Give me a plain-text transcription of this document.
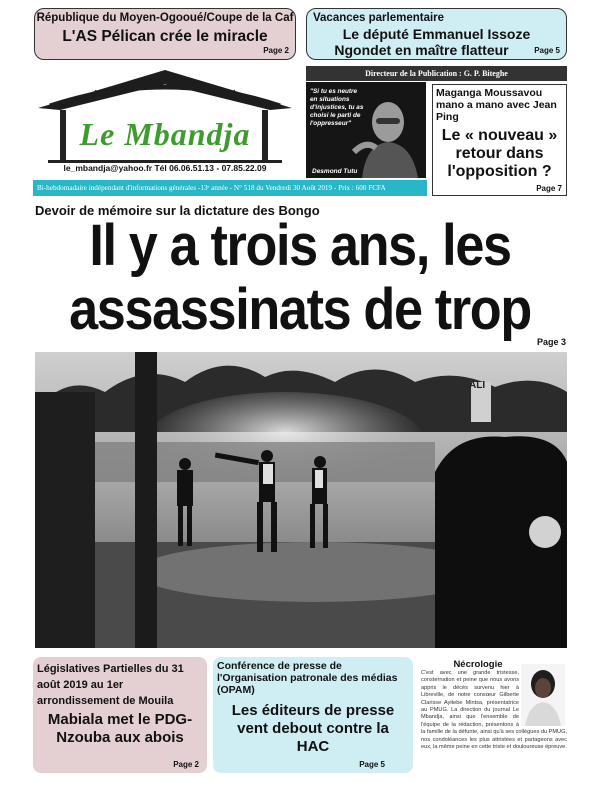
République du Moyen-Ogooué/Coupe de la Caf
L'AS Pélican crée le miracle
Page 2
Vacances parlementaire
Le député Emmanuel Issoze
Ngondet en maître flatteur	Page 5
Le Mbandja
le_mbandja@yahoo.fr Tél 06.06.51.13 - 07.85.22.09
Bi-hebdomadaire indépendant d'informations générales -13ᵉ année - N° 518 du Vendredi 30 Août 2019 - Prix : 600 FCFA
Directeur de la Publication : G. P. Biteghe
"Si tu es neutre en situations d'injustices, tu as choisi le parti de l'oppresseur"
Desmond Tutu
Maganga Moussavou mano a mano avec Jean Ping
Le « nouveau » retour dans l'opposition ?
Page 7
Devoir de mémoire sur la dictature des Bongo
Il y a trois ans, les
assassinats de trop Page 3
ALI
Législatives Partielles du 31 août 2019 au 1er arrondissement de Mouila
Mabiala met le PDG-Nzouba aux abois
Page 2
Conférence de presse de l'Organisation patronale des médias (OPAM)
Les éditeurs de presse vent debout contre la HAC
Page 5
Nécrologie
C'est avec une grande tristesse, consternation et peine que nous avons appris le décès survenu hier à Libreville, de notre consœur Gilberte Clarisse Ayitebe Mintsa, présentatrice au PMUG. La direction du journal Le Mbandja, ainsi que l'ensemble de l'équipe de la rédaction, présentons à la famille de la défunte, ainsi qu'à ses collègues du PMUG, nos condoléances les plus attristées et partageons avec eux, la même peine en cette triste et douloureuse épreuve.
